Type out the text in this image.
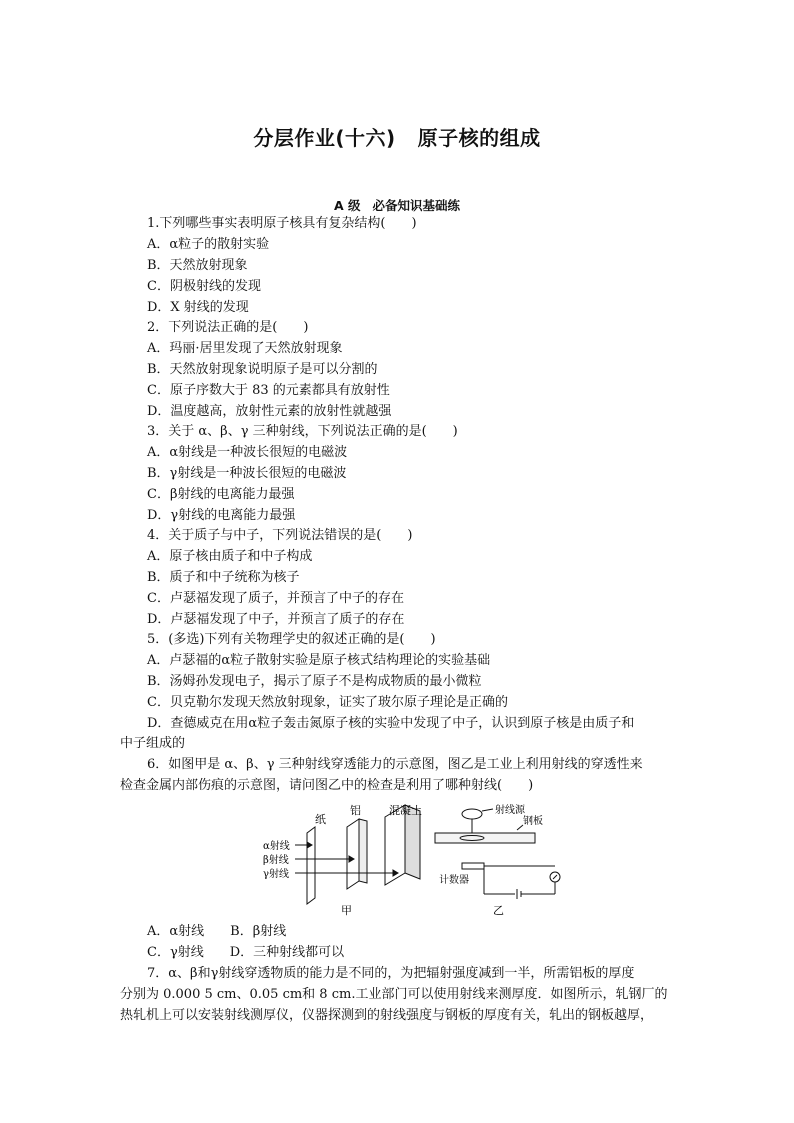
分层作业(十六) 原子核的组成
A 级 必备知识基础练
1.下列哪些事实表明原子核具有复杂结构(　　)
A．α粒子的散射实验
B．天然放射现象
C．阴极射线的发现
D．X 射线的发现
2．下列说法正确的是(　　)
A．玛丽·居里发现了天然放射现象
B．天然放射现象说明原子是可以分割的
C．原子序数大于 83 的元素都具有放射性
D．温度越高，放射性元素的放射性就越强
3．关于 α、β、γ 三种射线，下列说法正确的是(　　)
A．α射线是一种波长很短的电磁波
B．γ射线是一种波长很短的电磁波
C．β射线的电离能力最强
D．γ射线的电离能力最强
4．关于质子与中子，下列说法错误的是(　　)
A．原子核由质子和中子构成
B．质子和中子统称为核子
C．卢瑟福发现了质子，并预言了中子的存在
D．卢瑟福发现了中子，并预言了质子的存在
5．(多选)下列有关物理学史的叙述正确的是(　　)
A．卢瑟福的α粒子散射实验是原子核式结构理论的实验基础
B．汤姆孙发现电子，揭示了原子不是构成物质的最小微粒
C．贝克勒尔发现天然放射现象，证实了玻尔原子理论是正确的
D．查德威克在用α粒子轰击氮原子核的实验中发现了中子，认识到原子核是由质子和
中子组成的
6．如图甲是 α、β、γ 三种射线穿透能力的示意图，图乙是工业上利用射线的穿透性来
检查金属内部伤痕的示意图，请问图乙中的检查是利用了哪种射线(　　)
纸
铝	混凝土
α射线
β射线
γ射线
甲
射线源
钢板
计数器
乙
A．α射线　　B．β射线
C．γ射线　　D．三种射线都可以
7．α、β和γ射线穿透物质的能力是不同的，为把辐射强度减到一半，所需铝板的厚度
分别为 0.000 5 cm、0.05 cm和 8 cm.工业部门可以使用射线来测厚度．如图所示，轧钢厂的
热轧机上可以安装射线测厚仪，仪器探测到的射线强度与钢板的厚度有关，轧出的钢板越厚，
